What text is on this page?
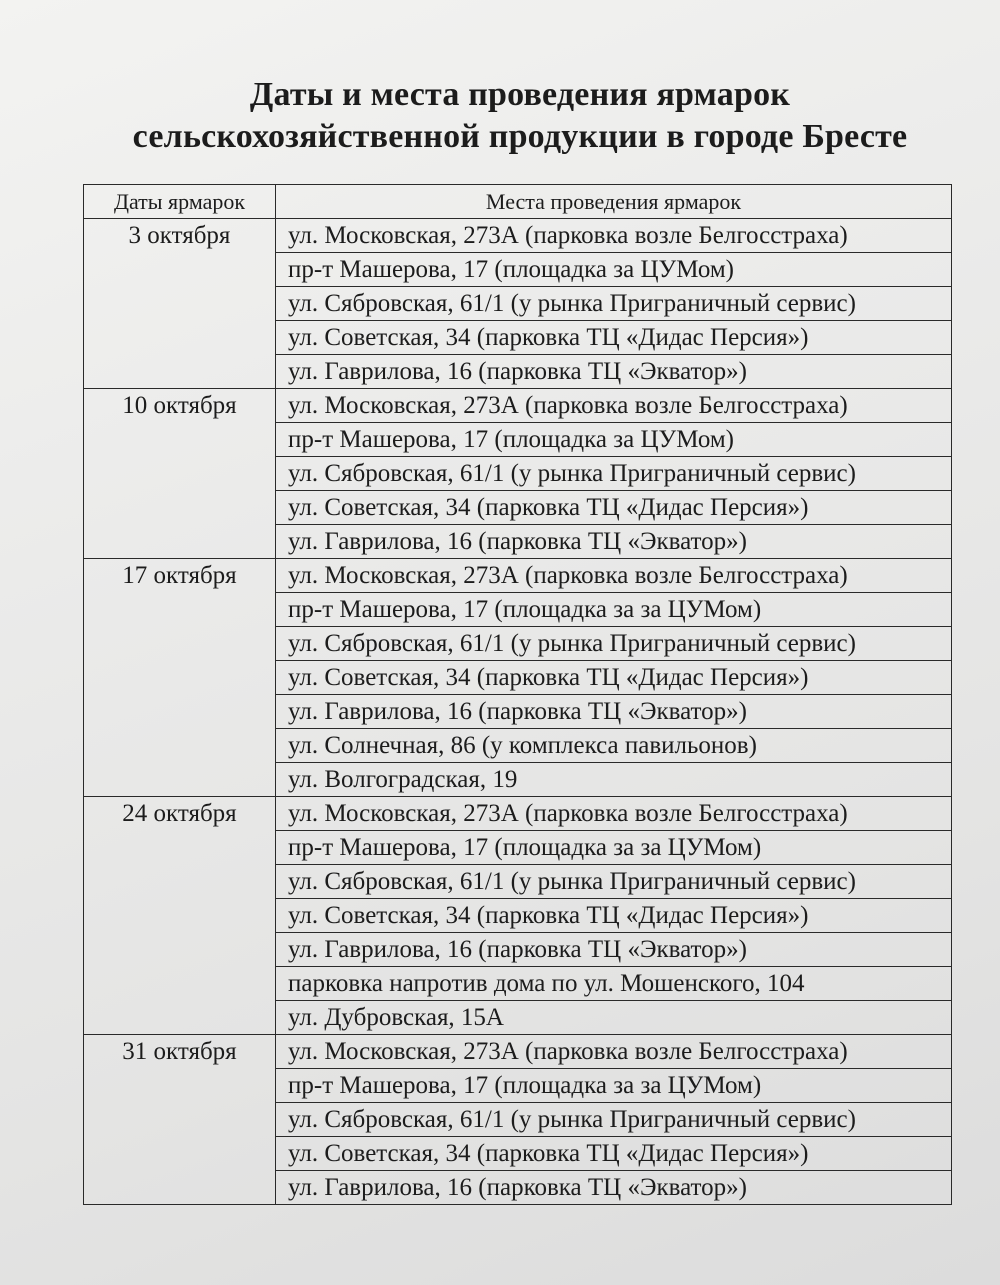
Даты и места проведения ярмарок
сельскохозяйственной продукции в городе Бресте
Даты ярмарок	Места проведения ярмарок
3 октября	ул. Московская, 273А (парковка возле Белгосстраха)
	пр-т Машерова, 17 (площадка за ЦУМом)
	ул. Сябровская, 61/1 (у рынка Приграничный сервис)
	ул. Советская, 34 (парковка ТЦ «Дидас Персия»)
	ул. Гаврилова, 16 (парковка ТЦ «Экватор»)
10 октября	ул. Московская, 273А (парковка возле Белгосстраха)
	пр-т Машерова, 17 (площадка за ЦУМом)
	ул. Сябровская, 61/1 (у рынка Приграничный сервис)
	ул. Советская, 34 (парковка ТЦ «Дидас Персия»)
	ул. Гаврилова, 16 (парковка ТЦ «Экватор»)
17 октября	ул. Московская, 273А (парковка возле Белгосстраха)
	пр-т Машерова, 17 (площадка за за ЦУМом)
	ул. Сябровская, 61/1 (у рынка Приграничный сервис)
	ул. Советская, 34 (парковка ТЦ «Дидас Персия»)
	ул. Гаврилова, 16 (парковка ТЦ «Экватор»)
	ул. Солнечная, 86 (у комплекса павильонов)
	ул. Волгоградская, 19
24 октября	ул. Московская, 273А (парковка возле Белгосстраха)
	пр-т Машерова, 17 (площадка за за ЦУМом)
	ул. Сябровская, 61/1 (у рынка Приграничный сервис)
	ул. Советская, 34 (парковка ТЦ «Дидас Персия»)
	ул. Гаврилова, 16 (парковка ТЦ «Экватор»)
	парковка напротив дома по ул. Мошенского, 104
	ул. Дубровская, 15А
31 октября	ул. Московская, 273А (парковка возле Белгосстраха)
	пр-т Машерова, 17 (площадка за за ЦУМом)
	ул. Сябровская, 61/1 (у рынка Приграничный сервис)
	ул. Советская, 34 (парковка ТЦ «Дидас Персия»)
	ул. Гаврилова, 16 (парковка ТЦ «Экватор»)
